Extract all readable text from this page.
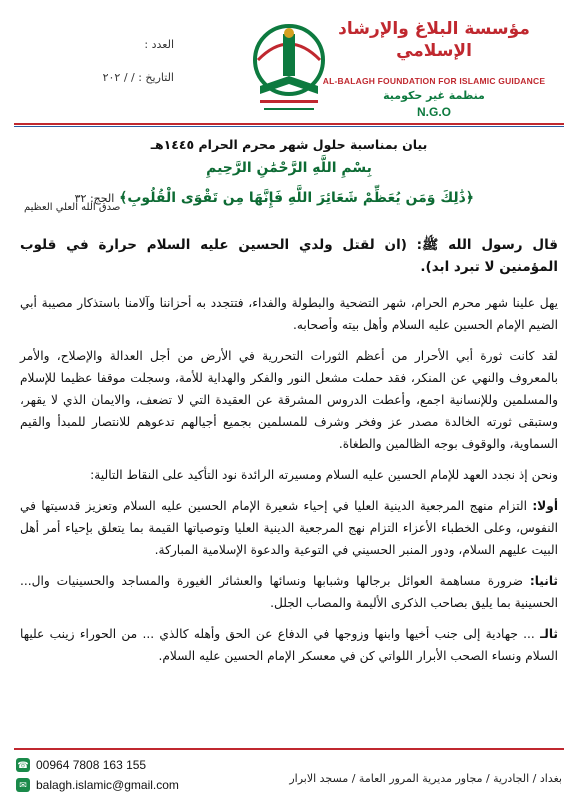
مؤسسة البلاغ والإرشاد الإسلامي
AL-BALAGH FOUNDATION FOR ISLAMIC GUIDANCE
منظمة غير حكومية
N.G.O
العدد :
التاريخ : / / ٢٠٢
بيان بمناسبة حلول شهر محرم الحرام ١٤٤٥هـ
بِسْمِ اللَّهِ الرَّحْمَٰنِ الرَّحِيمِ
﴿ذَٰلِكَ وَمَن يُعَظِّمْ شَعَائِرَ اللَّهِ فَإِنَّهَا مِن تَقْوَى الْقُلُوبِ﴾ الحج: ٣٢
صدق الله العلي العظيم

قال رسول الله ﷺ: (ان لقتل ولدي الحسين عليه السلام حرارة في قلوب المؤمنين لا تبرد ابد).

يهل علينا شهر محرم الحرام، شهر التضحية والبطولة والفداء، فتتجدد به أحزاننا وآلامنا باستذكار مصيبة أبي الضيم الإمام الحسين عليه السلام وأهل بيته وأصحابه.

لقد كانت ثورة أبي الأحرار من أعظم الثورات التحررية في الأرض من أجل العدالة والإصلاح، والأمر بالمعروف والنهي عن المنكر، فقد حملت مشعل النور والفكر والهداية للأمة، وسجلت موقفا عظيما للإسلام والمسلمين وللإنسانية اجمع، وأعطت الدروس المشرقة عن العقيدة التي لا تضعف، والايمان الذي لا يقهر، وستبقى ثورته الخالدة مصدر عز وفخر وشرف للمسلمين بجميع أجيالهم تدعوهم للانتصار للمبدأ والقيم السماوية، والوقوف بوجه الظالمين والطغاة.

ونحن إذ نجدد العهد للإمام الحسين عليه السلام ومسيرته الرائدة نود التأكيد على النقاط التالية:

أولا: التزام منهج المرجعية الدينية العليا في إحياء شعيرة الإمام الحسين عليه السلام وتعزيز قدسيتها في النفوس، وعلى الخطباء الأعزاء التزام نهج المرجعية الدينية العليا وتوصياتها القيمة بما يتعلق بإحياء أمر أهل البيت عليهم السلام، ودور المنبر الحسيني في التوعية والدعوة الإسلامية المباركة.

ثانيا: ضرورة مساهمة العوائل برجالها وشبابها ونسائها والعشائر الغيورة والمساجد والحسينيات وال... الحسينية بما يليق بصاحب الذكرى الأليمة والمصاب الجلل.

ثالـ ... جهادية إلى جنب أخيها وابنها وزوجها في الدفاع عن الحق وأهله كالذي ... من الحوراء زينب عليها السلام ونساء الصحب الأبرار اللواتي كن في معسكر الإمام الحسين عليه السلام.

☎ 00964 7808 163 155
✉ balagh.islamic@gmail.com	بغداد / الجادرية / مجاور مديرية المرور العامة / مسجد الابرار
